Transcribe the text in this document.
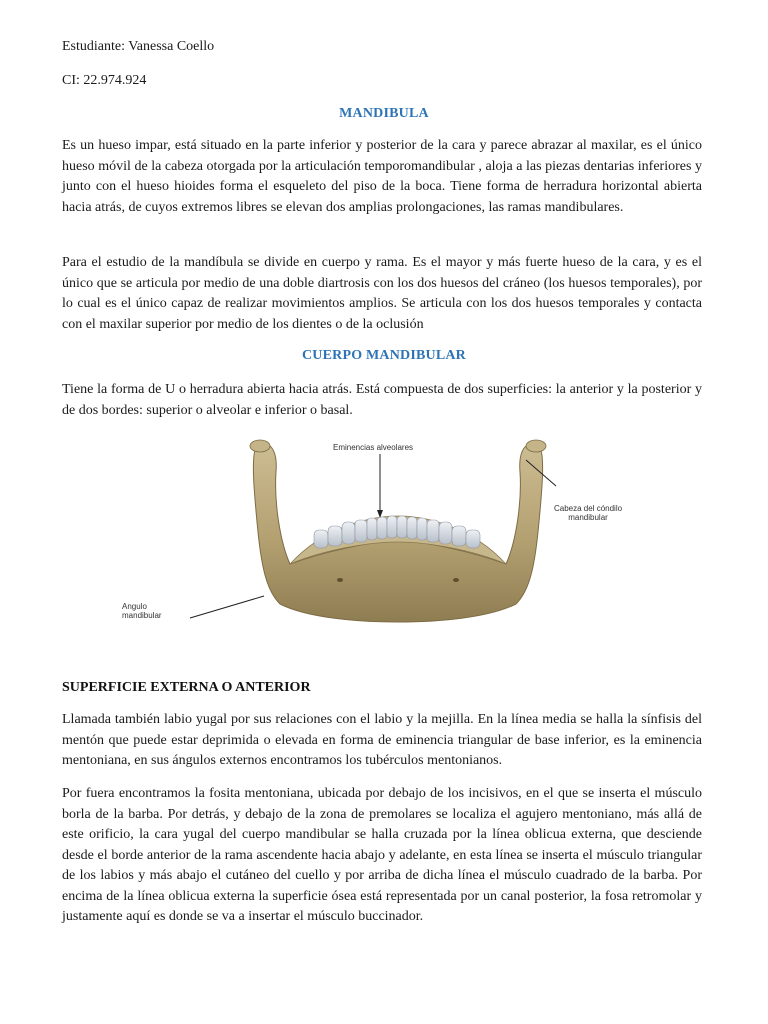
Estudiante: Vanessa Coello
CI: 22.974.924
MANDIBULA

Es un hueso impar, está situado en la parte inferior y posterior de la cara y parece abrazar al maxilar, es el único hueso móvil de la cabeza otorgada por la articulación temporomandibular , aloja a las piezas dentarias inferiores y junto con el hueso hioides forma el esqueleto del piso de la boca. Tiene forma de herradura horizontal abierta hacia atrás, de cuyos extremos libres se elevan dos amplias prolongaciones, las ramas mandibulares.

Para el estudio de la mandíbula se divide en cuerpo y rama. Es el mayor y más fuerte hueso de la cara, y es el único que se articula por medio de una doble diartrosis con los dos huesos del cráneo (los huesos temporales), por lo cual es el único capaz de realizar movimientos amplios. Se articula con los dos huesos temporales y contacta con el maxilar superior por medio de los dientes o de la oclusión

CUERPO MANDIBULAR

Tiene la forma de U o herradura abierta hacia atrás. Está compuesta de dos superficies: la anterior y la posterior y de dos bordes: superior o alveolar e inferior o basal.

Eminencias alveolares
Cabeza del cóndilo
mandibular
Angulo
mandibular
SUPERFICIE EXTERNA O ANTERIOR

Llamada también labio yugal por sus relaciones con el labio y la mejilla. En la línea media se halla la sínfisis del mentón que puede estar deprimida o elevada en forma de eminencia triangular de base inferior, es la eminencia mentoniana, en sus ángulos externos encontramos los tubérculos mentonianos.

Por fuera encontramos la fosita mentoniana, ubicada por debajo de los incisivos, en el que se inserta el músculo borla de la barba. Por detrás, y debajo de la zona de premolares se localiza el agujero mentoniano, más allá de este orificio, la cara yugal del cuerpo mandibular se halla cruzada por la línea oblicua externa, que desciende desde el borde anterior de la rama ascendente hacia abajo y adelante, en esta línea se inserta el músculo triangular de los labios y más abajo el cutáneo del cuello y por arriba de dicha línea el músculo cuadrado de la barba. Por encima de la línea oblicua externa la superficie ósea está representada por un canal posterior, la fosa retromolar y justamente aquí es donde se va a insertar el músculo buccinador.
